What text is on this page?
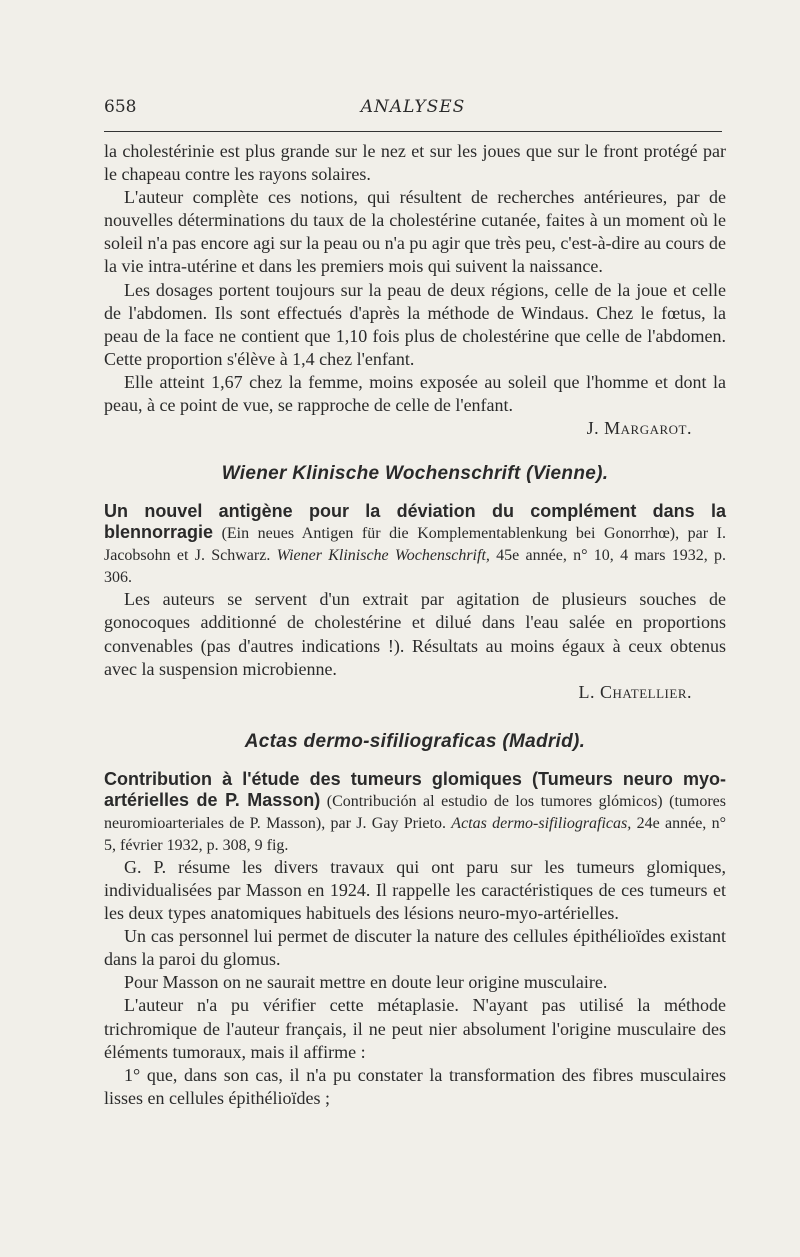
658	ANALYSES

la cholestérinie est plus grande sur le nez et sur les joues que sur le front protégé par le chapeau contre les rayons solaires.

L'auteur complète ces notions, qui résultent de recherches antérieures, par de nouvelles déterminations du taux de la cholestérine cutanée, faites à un moment où le soleil n'a pas encore agi sur la peau ou n'a pu agir que très peu, c'est-à-dire au cours de la vie intra-utérine et dans les premiers mois qui suivent la naissance.

Les dosages portent toujours sur la peau de deux régions, celle de la joue et celle de l'abdomen. Ils sont effectués d'après la méthode de Windaus. Chez le fœtus, la peau de la face ne contient que 1,10 fois plus de cholestérine que celle de l'abdomen. Cette proportion s'élève à 1,4 chez l'enfant.

Elle atteint 1,67 chez la femme, moins exposée au soleil que l'homme et dont la peau, à ce point de vue, se rapproche de celle de l'enfant.

J. Margarot.

Wiener Klinische Wochenschrift (Vienne).

Un nouvel antigène pour la déviation du complément dans la blennorragie (Ein neues Antigen für die Komplementablenkung bei Gonorrhœ), par I. Jacobsohn et J. Schwarz. Wiener Klinische Wochenschrift, 45e année, n° 10, 4 mars 1932, p. 306.

Les auteurs se servent d'un extrait par agitation de plusieurs souches de gonocoques additionné de cholestérine et dilué dans l'eau salée en proportions convenables (pas d'autres indications !). Résultats au moins égaux à ceux obtenus avec la suspension microbienne.

L. Chatellier.

Actas dermo-sifiliograficas (Madrid).

Contribution à l'étude des tumeurs glomiques (Tumeurs neuro myo-artérielles de P. Masson) (Contribución al estudio de los tumores glómicos) (tumores neuromioarteriales de P. Masson), par J. Gay Prieto. Actas dermo-sifiliograficas, 24e année, n° 5, février 1932, p. 308, 9 fig.

G. P. résume les divers travaux qui ont paru sur les tumeurs glomiques, individualisées par Masson en 1924. Il rappelle les caractéristiques de ces tumeurs et les deux types anatomiques habituels des lésions neuro-myo-artérielles.

Un cas personnel lui permet de discuter la nature des cellules épithélioïdes existant dans la paroi du glomus.

Pour Masson on ne saurait mettre en doute leur origine musculaire.

L'auteur n'a pu vérifier cette métaplasie. N'ayant pas utilisé la méthode trichromique de l'auteur français, il ne peut nier absolument l'origine musculaire des éléments tumoraux, mais il affirme :

1° que, dans son cas, il n'a pu constater la transformation des fibres musculaires lisses en cellules épithélioïdes ;
